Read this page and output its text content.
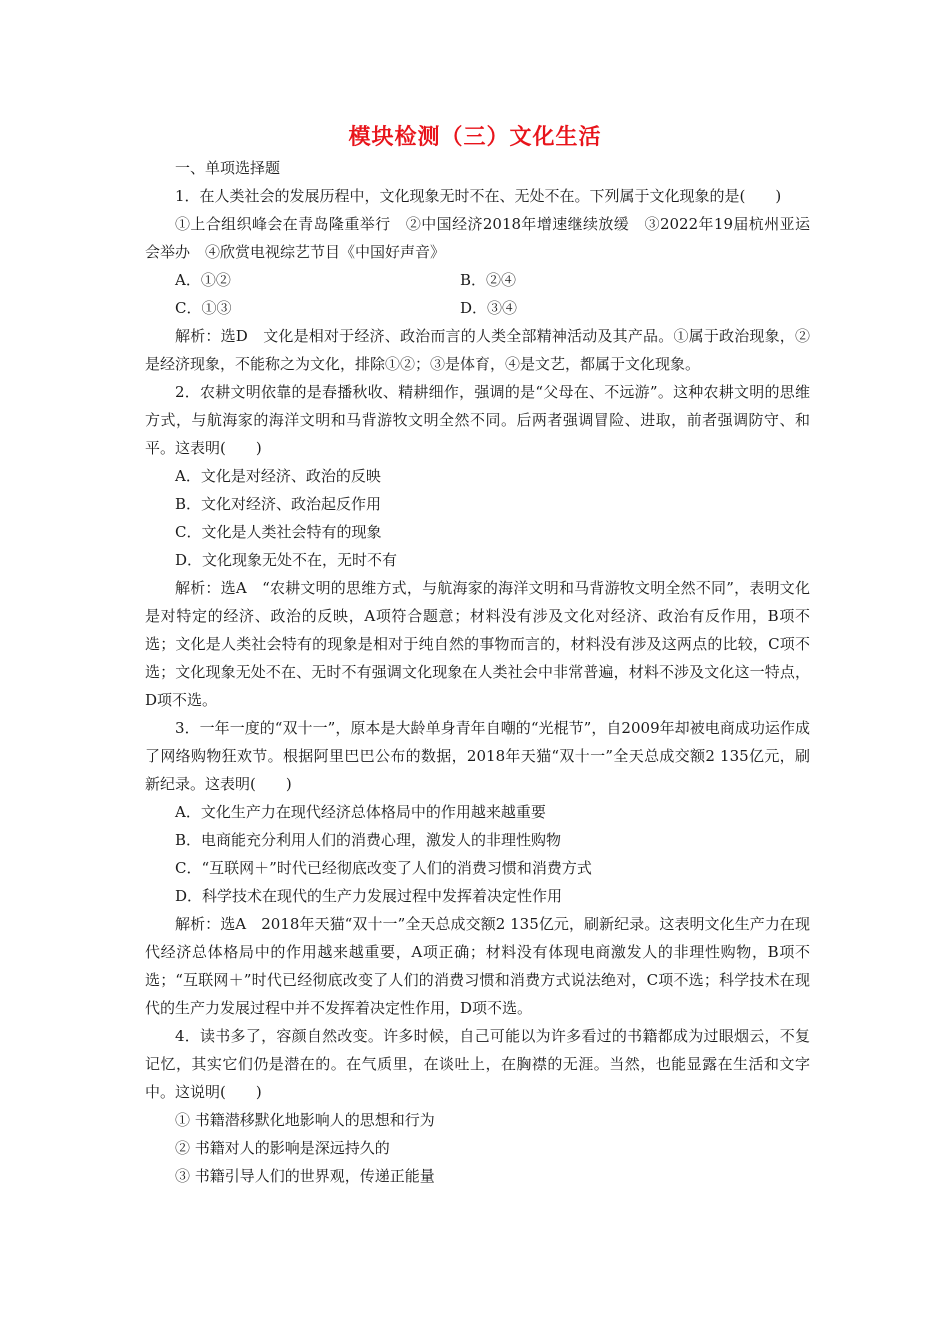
模块检测（三）文化生活

一、单项选择题

1．在人类社会的发展历程中，文化现象无时不在、无处不在。下列属于文化现象的是(　　)

①上合组织峰会在青岛隆重举行　②中国经济2018年增速继续放缓　③2022年19届杭州亚运会举办　④欣赏电视综艺节目《中国好声音》

A．①②	B．②④
C．①③	D．③④

解析：选D　文化是相对于经济、政治而言的人类全部精神活动及其产品。①属于政治现象，②是经济现象，不能称之为文化，排除①②；③是体育，④是文艺，都属于文化现象。

2．农耕文明依靠的是春播秋收、精耕细作，强调的是“父母在、不远游”。这种农耕文明的思维方式，与航海家的海洋文明和马背游牧文明全然不同。后两者强调冒险、进取，前者强调防守、和平。这表明(　　)

A．文化是对经济、政治的反映

B．文化对经济、政治起反作用

C．文化是人类社会特有的现象

D．文化现象无处不在，无时不有

解析：选A　“农耕文明的思维方式，与航海家的海洋文明和马背游牧文明全然不同”，表明文化是对特定的经济、政治的反映，A项符合题意；材料没有涉及文化对经济、政治有反作用，B项不选；文化是人类社会特有的现象是相对于纯自然的事物而言的，材料没有涉及这两点的比较，C项不选；文化现象无处不在、无时不有强调文化现象在人类社会中非常普遍，材料不涉及文化这一特点，D项不选。

3．一年一度的“双十一”，原本是大龄单身青年自嘲的“光棍节”，自2009年却被电商成功运作成了网络购物狂欢节。根据阿里巴巴公布的数据，2018年天猫“双十一”全天总成交额2 135亿元，刷新纪录。这表明(　　)

A．文化生产力在现代经济总体格局中的作用越来越重要

B．电商能充分利用人们的消费心理，激发人的非理性购物

C．“互联网＋”时代已经彻底改变了人们的消费习惯和消费方式

D．科学技术在现代的生产力发展过程中发挥着决定性作用

解析：选A　2018年天猫“双十一”全天总成交额2 135亿元，刷新纪录。这表明文化生产力在现代经济总体格局中的作用越来越重要，A项正确；材料没有体现电商激发人的非理性购物，B项不选；“互联网＋”时代已经彻底改变了人们的消费习惯和消费方式说法绝对，C项不选；科学技术在现代的生产力发展过程中并不发挥着决定性作用，D项不选。

4．读书多了，容颜自然改变。许多时候，自己可能以为许多看过的书籍都成为过眼烟云，不复记忆，其实它们仍是潜在的。在气质里，在谈吐上，在胸襟的无涯。当然，也能显露在生活和文字中。这说明(　　)

① 书籍潜移默化地影响人的思想和行为

② 书籍对人的影响是深远持久的

③ 书籍引导人们的世界观，传递正能量
